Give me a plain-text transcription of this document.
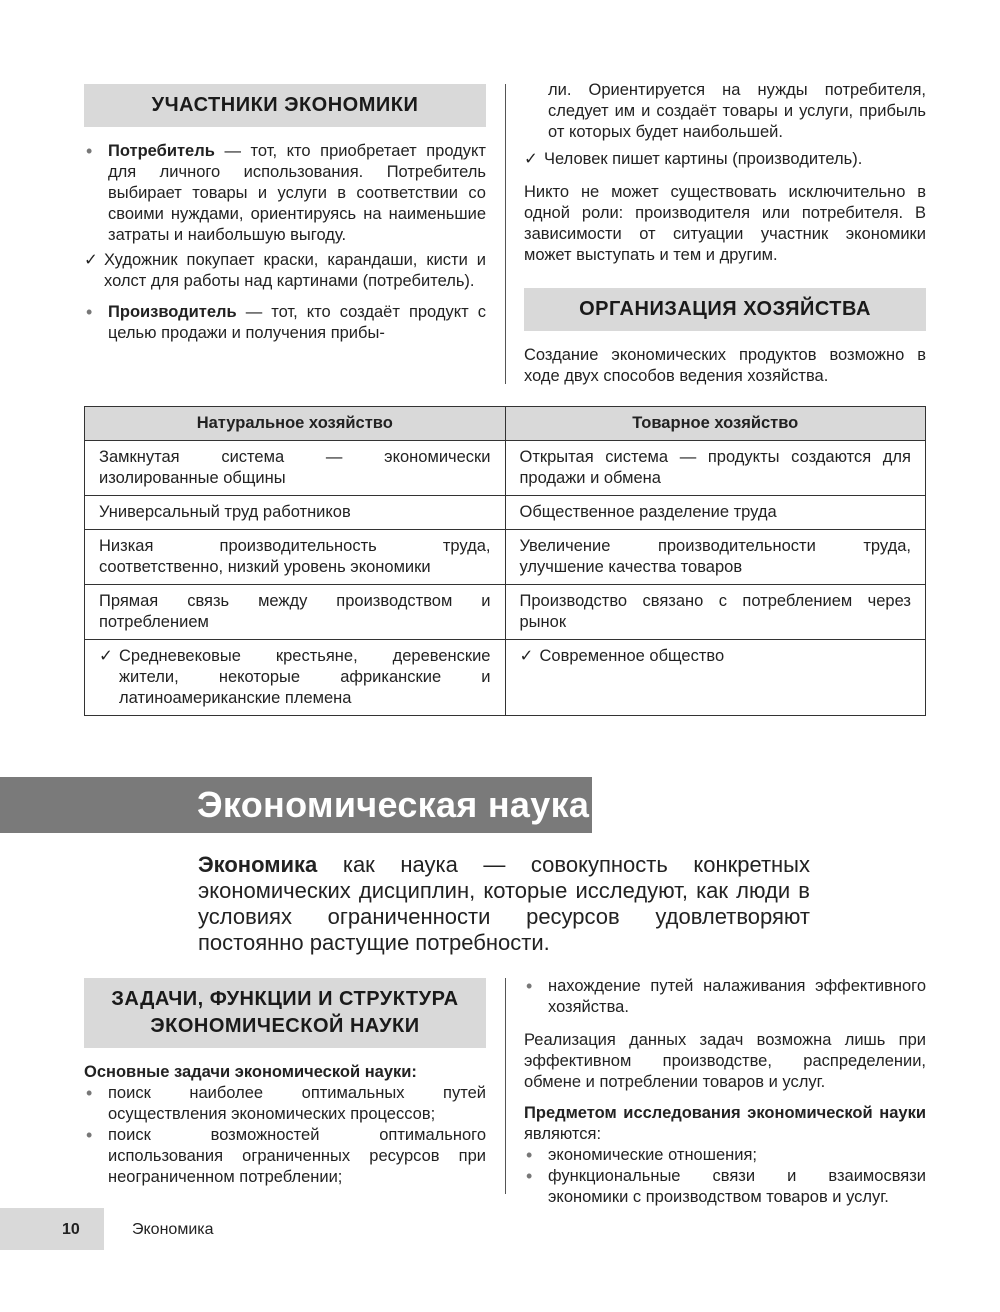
УЧАСТНИКИ ЭКОНОМИКИ
• Потребитель — тот, кто приобретает продукт для личного использования. Потребитель выбирает товары и услуги в соответствии со своими нуждами, ориентируясь на наименьшие затраты и наибольшую выгоду.
✓ Художник покупает краски, карандаши, кисти и холст для работы над картинами (потребитель).
• Производитель — тот, кто создаёт продукт с целью продажи и получения прибы-
ли. Ориентируется на нужды потребителя, следует им и создаёт товары и услуги, прибыль от которых будет наибольшей.
✓ Человек пишет картины (производитель).

Никто не может существовать исключительно в одной роли: производителя или потребителя. В зависимости от ситуации участник экономики может выступать и тем и другим.

ОРГАНИЗАЦИЯ ХОЗЯЙСТВА

Создание экономических продуктов возможно в ходе двух способов ведения хозяйства.

Натуральное хозяйство	Товарное хозяйство
Замкнутая система — экономически изолированные общины	Открытая система — продукты создаются для продажи и обмена
Универсальный труд работников	Общественное разделение труда
Низкая производительность труда, соответственно, низкий уровень экономики	Увеличение производительности труда, улучшение качества товаров
Прямая связь между производством и потреблением	Производство связано с потреблением через рынок

✓ Средневековые крестьяне, деревенские жители, некоторые африканские и латиноамериканские племена	✓ Современное общество
Экономическая наука

Экономика как наука — совокупность конкретных экономических дисциплин, которые исследуют, как люди в условиях ограниченности ресурсов удовлетворяют постоянно растущие потребности.

ЗАДАЧИ, ФУНКЦИИ И СТРУКТУРА
ЭКОНОМИЧЕСКОЙ НАУКИ
Основные задачи экономической науки:
• поиск наиболее оптимальных путей осуществления экономических процессов;
• поиск возможностей оптимального использования ограниченных ресурсов при неограниченном потреблении;
• нахождение путей налаживания эффективного хозяйства.

Реализация данных задач возможна лишь при эффективном производстве, распределении, обмене и потреблении товаров и услуг.

Предметом исследования экономической науки являются:

• экономические отношения;
• функциональные связи и взаимосвязи экономики с производством товаров и услуг.
10	Экономика
